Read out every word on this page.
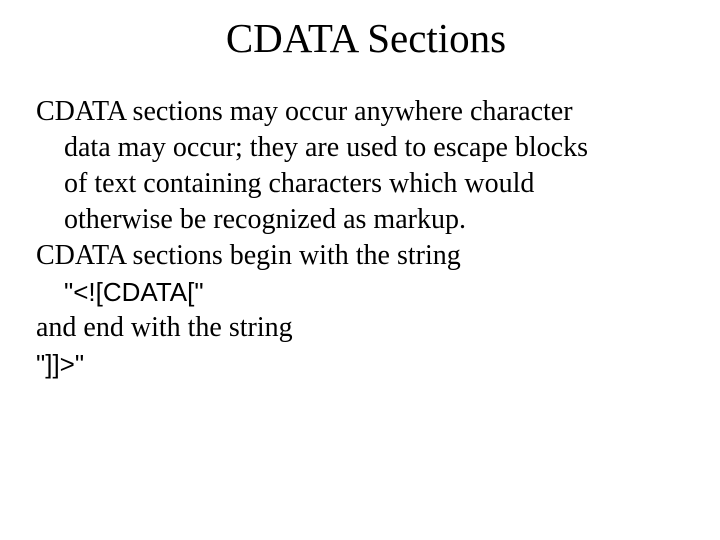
CDATA Sections
CDATA sections may occur anywhere character
data may occur; they are used to escape blocks
of text containing characters which would
otherwise be recognized as markup.
CDATA sections begin with the string
"<![CDATA["
and end with the string
"]]>"
